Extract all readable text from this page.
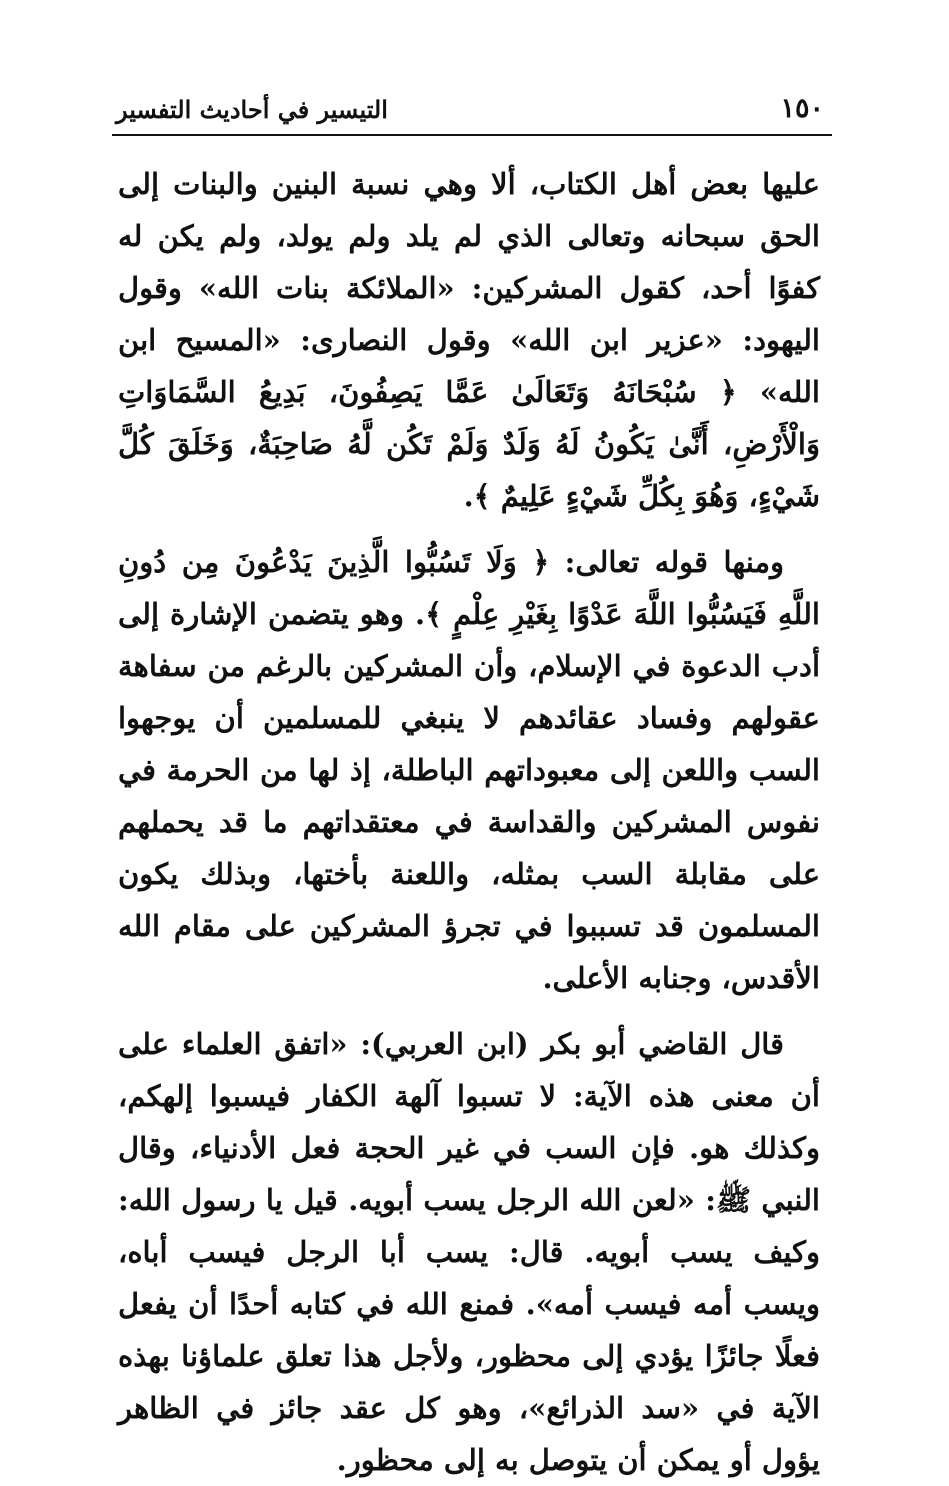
١٥٠
التيسير في أحاديث التفسير

عليها بعض أهل الكتاب، ألا وهي نسبة البنين والبنات إلى الحق سبحانه وتعالى الذي لم يلد ولم يولد، ولم يكن له كفوًا أحد، كقول المشركين: «الملائكة بنات الله» وقول اليهود: «عزير ابن الله» وقول النصارى: «المسيح ابن الله» ﴿ سُبْحَانَهُ وَتَعَالَىٰ عَمَّا يَصِفُونَ، بَدِيعُ السَّمَاوَاتِ وَالْأَرْضِ، أَنَّىٰ يَكُونُ لَهُ وَلَدٌ وَلَمْ تَكُن لَّهُ صَاحِبَةٌ، وَخَلَقَ كُلَّ شَيْءٍ، وَهُوَ بِكُلِّ شَيْءٍ عَلِيمٌ ﴾.

ومنها قوله تعالى: ﴿ وَلَا تَسُبُّوا الَّذِينَ يَدْعُونَ مِن دُونِ اللَّهِ فَيَسُبُّوا اللَّهَ عَدْوًا بِغَيْرِ عِلْمٍ ﴾. وهو يتضمن الإشارة إلى أدب الدعوة في الإسلام، وأن المشركين بالرغم من سفاهة عقولهم وفساد عقائدهم لا ينبغي للمسلمين أن يوجهوا السب واللعن إلى معبوداتهم الباطلة، إذ لها من الحرمة في نفوس المشركين والقداسة في معتقداتهم ما قد يحملهم على مقابلة السب بمثله، واللعنة بأختها، وبذلك يكون المسلمون قد تسببوا في تجرؤ المشركين على مقام الله الأقدس، وجنابه الأعلى.

قال القاضي أبو بكر (ابن العربي): «اتفق العلماء على أن معنى هذه الآية: لا تسبوا آلهة الكفار فيسبوا إلهكم، وكذلك هو. فإن السب في غير الحجة فعل الأدنياء، وقال النبي ﷺ: «لعن الله الرجل يسب أبويه. قيل يا رسول الله: وكيف يسب أبويه. قال: يسب أبا الرجل فيسب أباه، ويسب أمه فيسب أمه». فمنع الله في كتابه أحدًا أن يفعل فعلًا جائزًا يؤدي إلى محظور، ولأجل هذا تعلق علماؤنا بهذه الآية في «سد الذرائع»، وهو كل عقد جائز في الظاهر يؤول أو يمكن أن يتوصل به إلى محظور.
